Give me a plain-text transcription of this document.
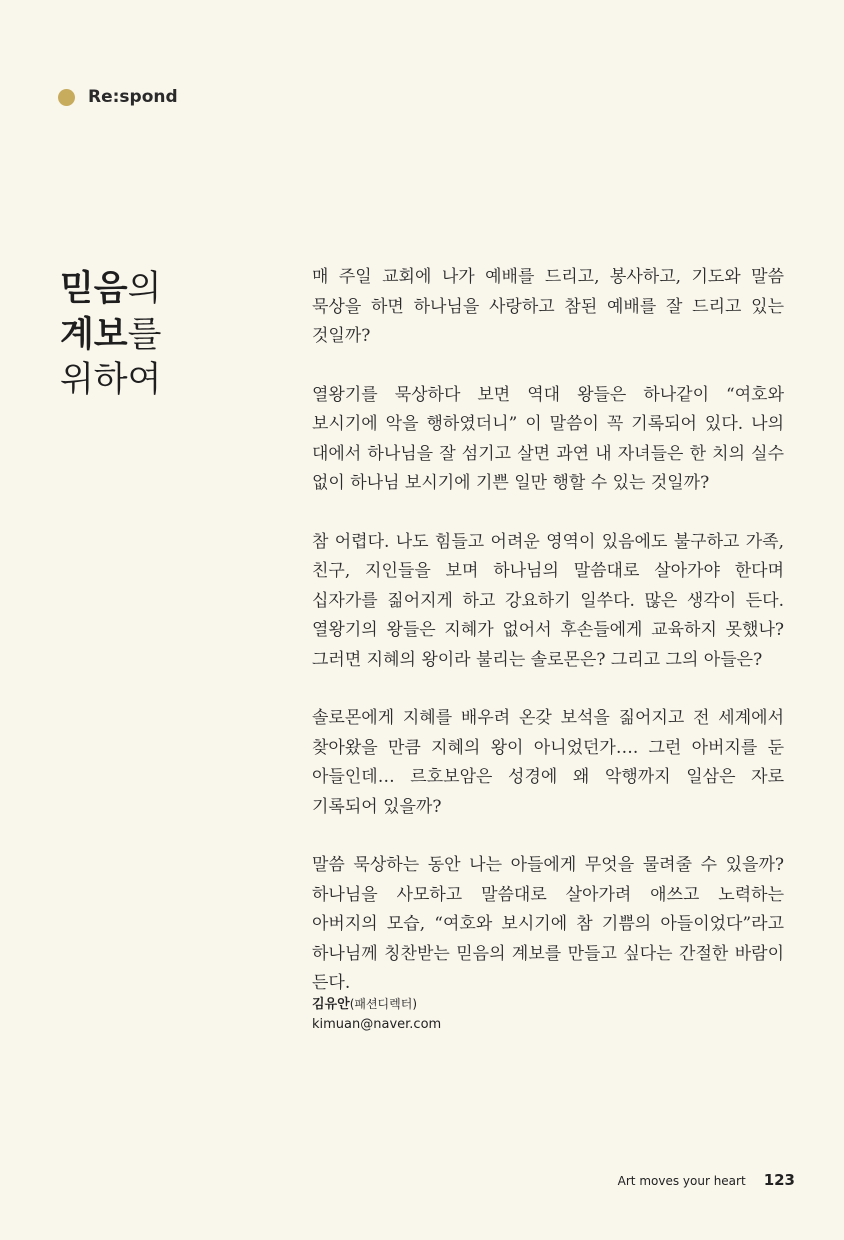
Re:spond
믿음의
계보를
위하여

매 주일 교회에 나가 예배를 드리고, 봉사하고, 기도와 말씀 묵상을 하면 하나님을 사랑하고 참된 예배를 잘 드리고 있는 것일까?

열왕기를 묵상하다 보면 역대 왕들은 하나같이 “여호와 보시기에 악을 행하였더니” 이 말씀이 꼭 기록되어 있다. 나의 대에서 하나님을 잘 섬기고 살면 과연 내 자녀들은 한 치의 실수 없이 하나님 보시기에 기쁜 일만 행할 수 있는 것일까?

참 어렵다. 나도 힘들고 어려운 영역이 있음에도 불구하고 가족, 친구, 지인들을 보며 하나님의 말씀대로 살아가야 한다며 십자가를 짊어지게 하고 강요하기 일쑤다. 많은 생각이 든다. 열왕기의 왕들은 지혜가 없어서 후손들에게 교육하지 못했나? 그러면 지혜의 왕이라 불리는 솔로몬은? 그리고 그의 아들은?

솔로몬에게 지혜를 배우려 온갖 보석을 짊어지고 전 세계에서 찾아왔을 만큼 지혜의 왕이 아니었던가…. 그런 아버지를 둔 아들인데… 르호보암은 성경에 왜 악행까지 일삼은 자로 기록되어 있을까?

말씀 묵상하는 동안 나는 아들에게 무엇을 물려줄 수 있을까? 하나님을 사모하고 말씀대로 살아가려 애쓰고 노력하는 아버지의 모습, “여호와 보시기에 참 기쁨의 아들이었다”라고 하나님께 칭찬받는 믿음의 계보를 만들고 싶다는 간절한 바람이 든다.

김유안(패션디렉터)
kimuan@naver.com
Art moves your heart 123
